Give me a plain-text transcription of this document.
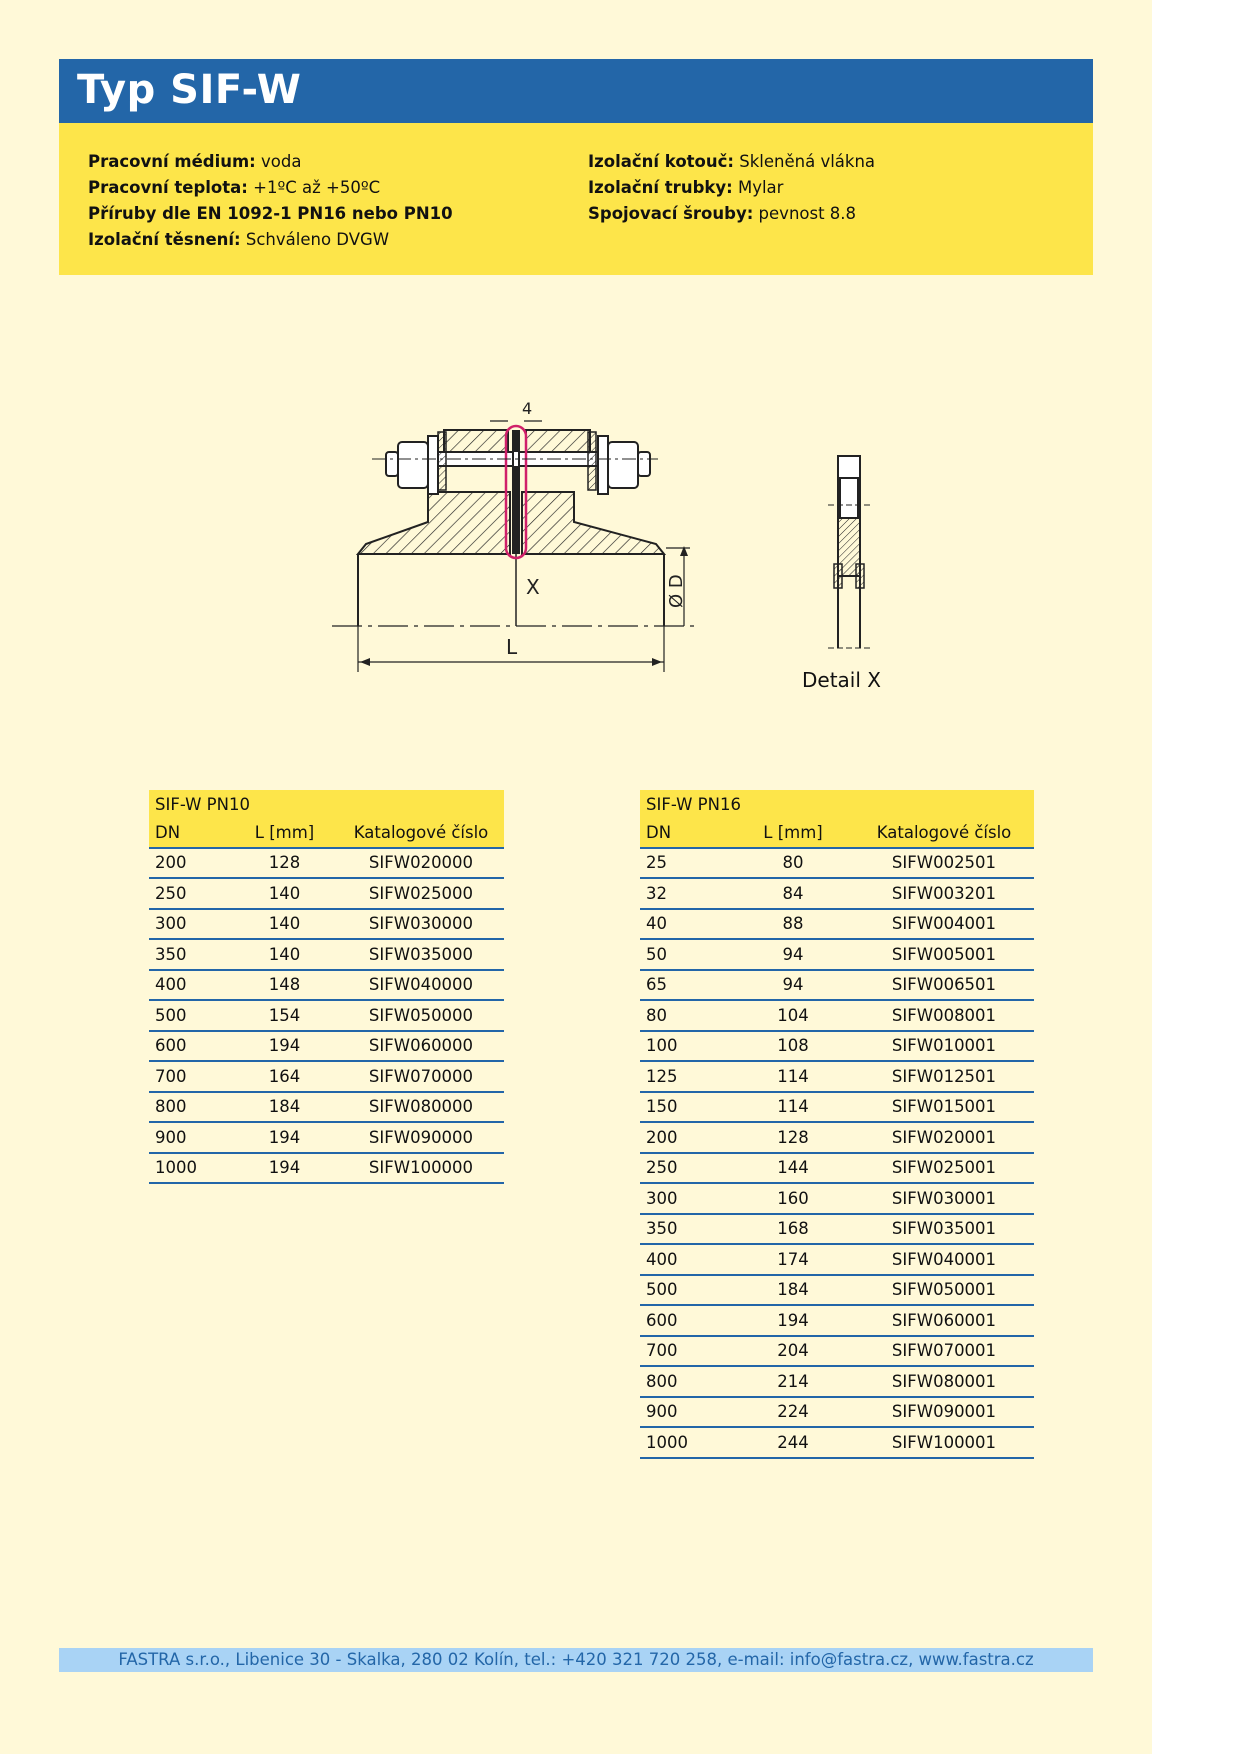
Typ SIF-W
Pracovní médium: voda
Pracovní teplota: +1ºC až +50ºC
Příruby dle EN 1092-1 PN16 nebo PN10
Izolační těsnení: Schváleno DVGW
Izolační kotouč: Skleněná vlákna
Izolační trubky: Mylar
Spojovací šrouby: pevnost 8.8
4
X	Ø D
L
Detail X
SIF-W PN10		
DN	L [mm]	Katalogové číslo
200	128	SIFW020000
250	140	SIFW025000
300	140	SIFW030000
350	140	SIFW035000
400	148	SIFW040000
500	154	SIFW050000
600	194	SIFW060000
700	164	SIFW070000
800	184	SIFW080000
900	194	SIFW090000
1000	194	SIFW100000
SIF-W PN16		
DN	L [mm]	Katalogové číslo
25	80	SIFW002501
32	84	SIFW003201
40	88	SIFW004001
50	94	SIFW005001
65	94	SIFW006501
80	104	SIFW008001
100	108	SIFW010001
125	114	SIFW012501
150	114	SIFW015001
200	128	SIFW020001
250	144	SIFW025001
300	160	SIFW030001
350	168	SIFW035001
400	174	SIFW040001
500	184	SIFW050001
600	194	SIFW060001
700	204	SIFW070001
800	214	SIFW080001
900	224	SIFW090001
1000	244	SIFW100001
FASTRA s.r.o., Libenice 30 - Skalka, 280 02 Kolín, tel.: +420 321 720 258, e-mail: info@fastra.cz, www.fastra.cz
